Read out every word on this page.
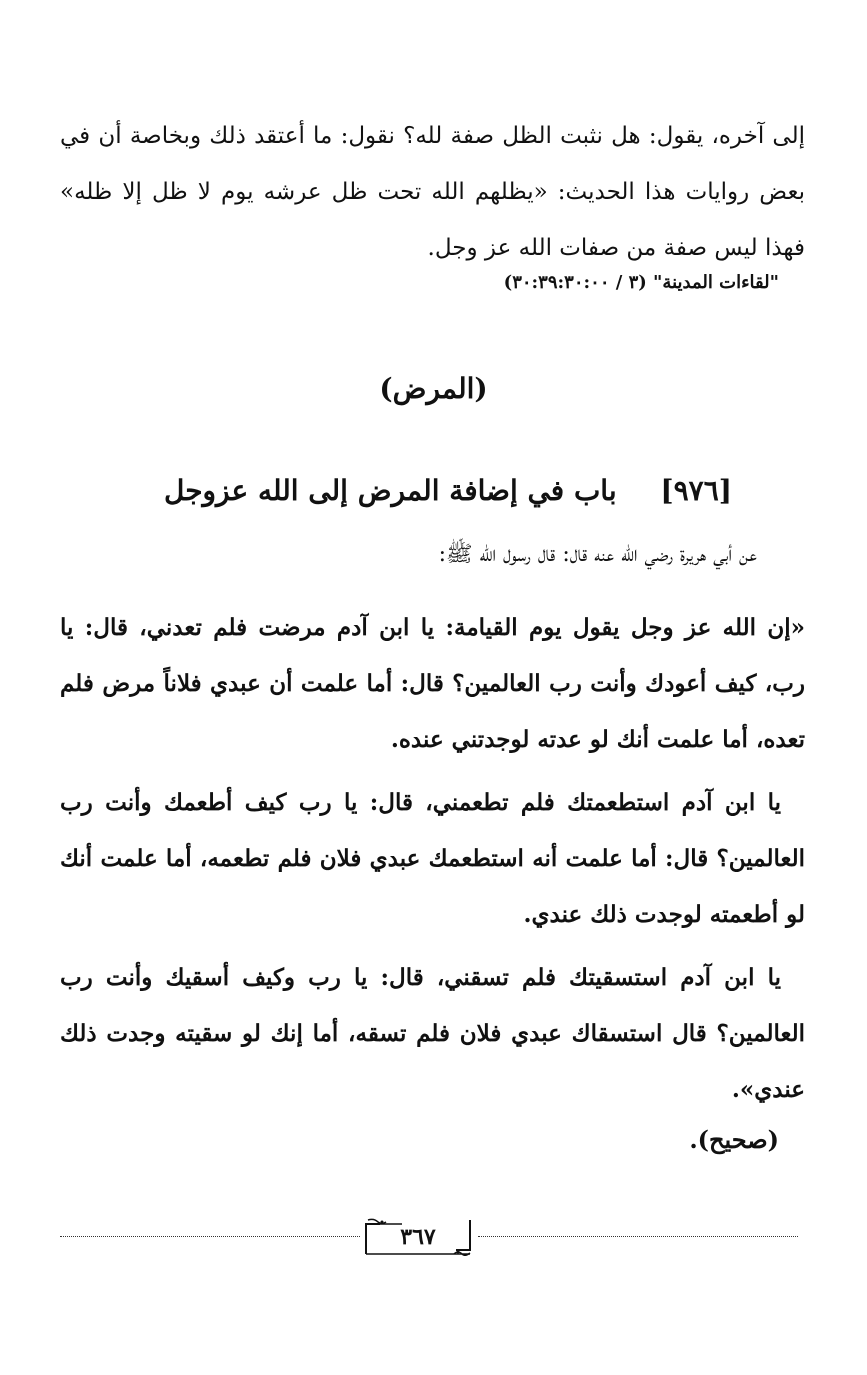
إلى آخره، يقول: هل نثبت الظل صفة لله؟ نقول: ما أعتقد ذلك وبخاصة أن في بعض روايات هذا الحديث: «يظلهم الله تحت ظل عرشه يوم لا ظل إلا ظله» فهذا ليس صفة من صفات الله عز وجل.

"لقاءات المدينة" (٣ / ٣٠:٣٩:٣٠:٠٠)
(المرض)
[٩٧٦] باب في إضافة المرض إلى الله عزوجل
عن أبي هريرة رضي الله عنه قال: قال رسول الله ﷺ:

«إن الله عز وجل يقول يوم القيامة: يا ابن آدم مرضت فلم تعدني، قال: يا رب، كيف أعودك وأنت رب العالمين؟ قال: أما علمت أن عبدي فلاناً مرض فلم تعده، أما علمت أنك لو عدته لوجدتني عنده.

يا ابن آدم استطعمتك فلم تطعمني، قال: يا رب كيف أطعمك وأنت رب العالمين؟ قال: أما علمت أنه استطعمك عبدي فلان فلم تطعمه، أما علمت أنك لو أطعمته لوجدت ذلك عندي.

يا ابن آدم استسقيتك فلم تسقني، قال: يا رب وكيف أسقيك وأنت رب العالمين؟ قال استسقاك عبدي فلان فلم تسقه، أما إنك لو سقيته وجدت ذلك عندي».

(صحيح).
٣٦٧
